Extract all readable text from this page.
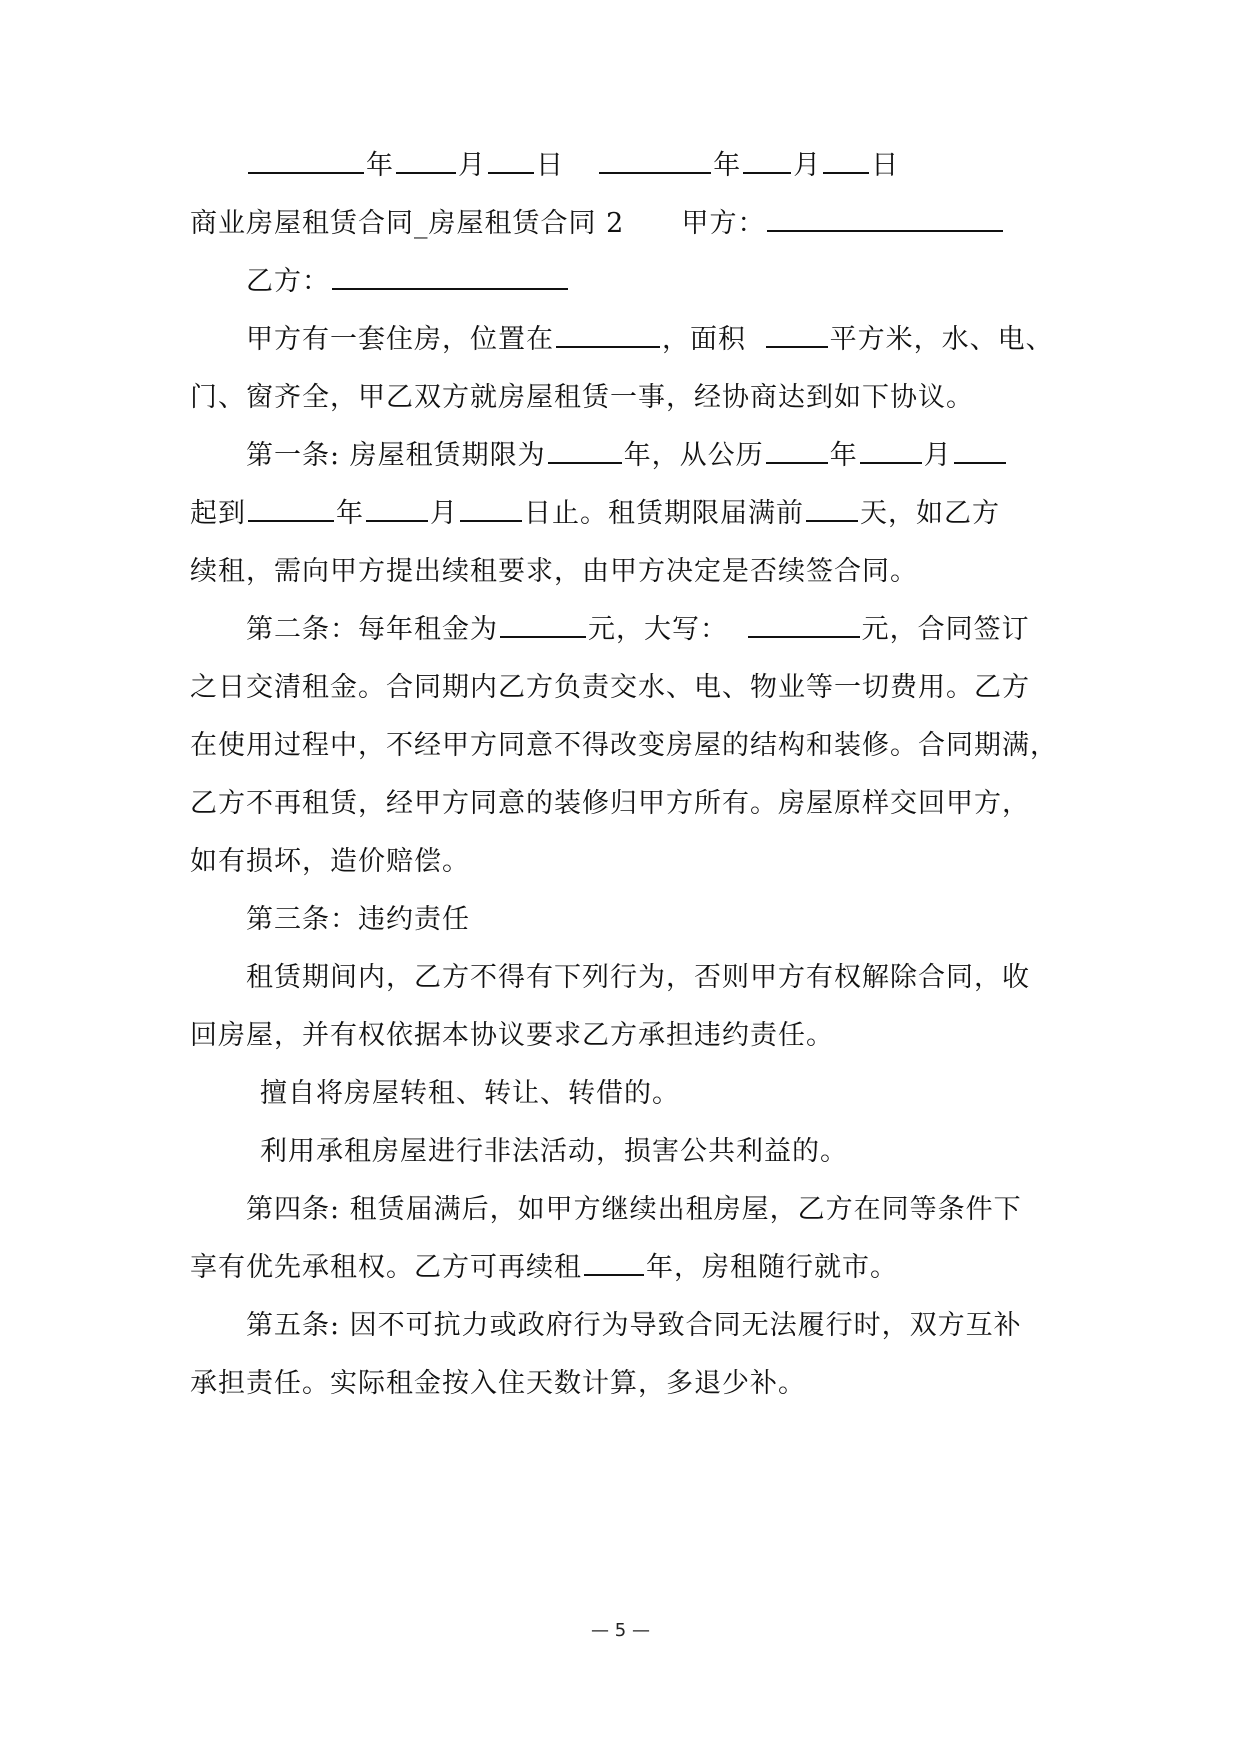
年 月 日	年 月 日
商业房屋租赁合同_房屋租赁合同 2 甲方：
乙方：
甲方有一套住房，位置在	，面积	平方米，水、电、
门、窗齐全，甲乙双方就房屋租赁一事，经协商达到如下协议。
第一条: 房屋租赁期限为	年，从公历 年 月
起到	年 月 日止。租赁期限届满前 天，如乙方
续租，需向甲方提出续租要求，由甲方决定是否续签合同。
第二条：每年租金为	元，大写：	元，合同签订
之日交清租金。合同期内乙方负责交水、电、物业等一切费用。乙方
在使用过程中，不经甲方同意不得改变房屋的结构和装修。合同期满，
乙方不再租赁，经甲方同意的装修归甲方所有。房屋原样交回甲方，
如有损坏，造价赔偿。
第三条：违约责任
租赁期间内，乙方不得有下列行为，否则甲方有权解除合同，收
回房屋，并有权依据本协议要求乙方承担违约责任。
擅自将房屋转租、转让、转借的。
利用承租房屋进行非法活动，损害公共利益的。
第四条: 租赁届满后，如甲方继续出租房屋，乙方在同等条件下
享有优先承租权。乙方可再续租 年，房租随行就市。
第五条: 因不可抗力或政府行为导致合同无法履行时，双方互补
承担责任。实际租金按入住天数计算，多退少补。
— 5 —
